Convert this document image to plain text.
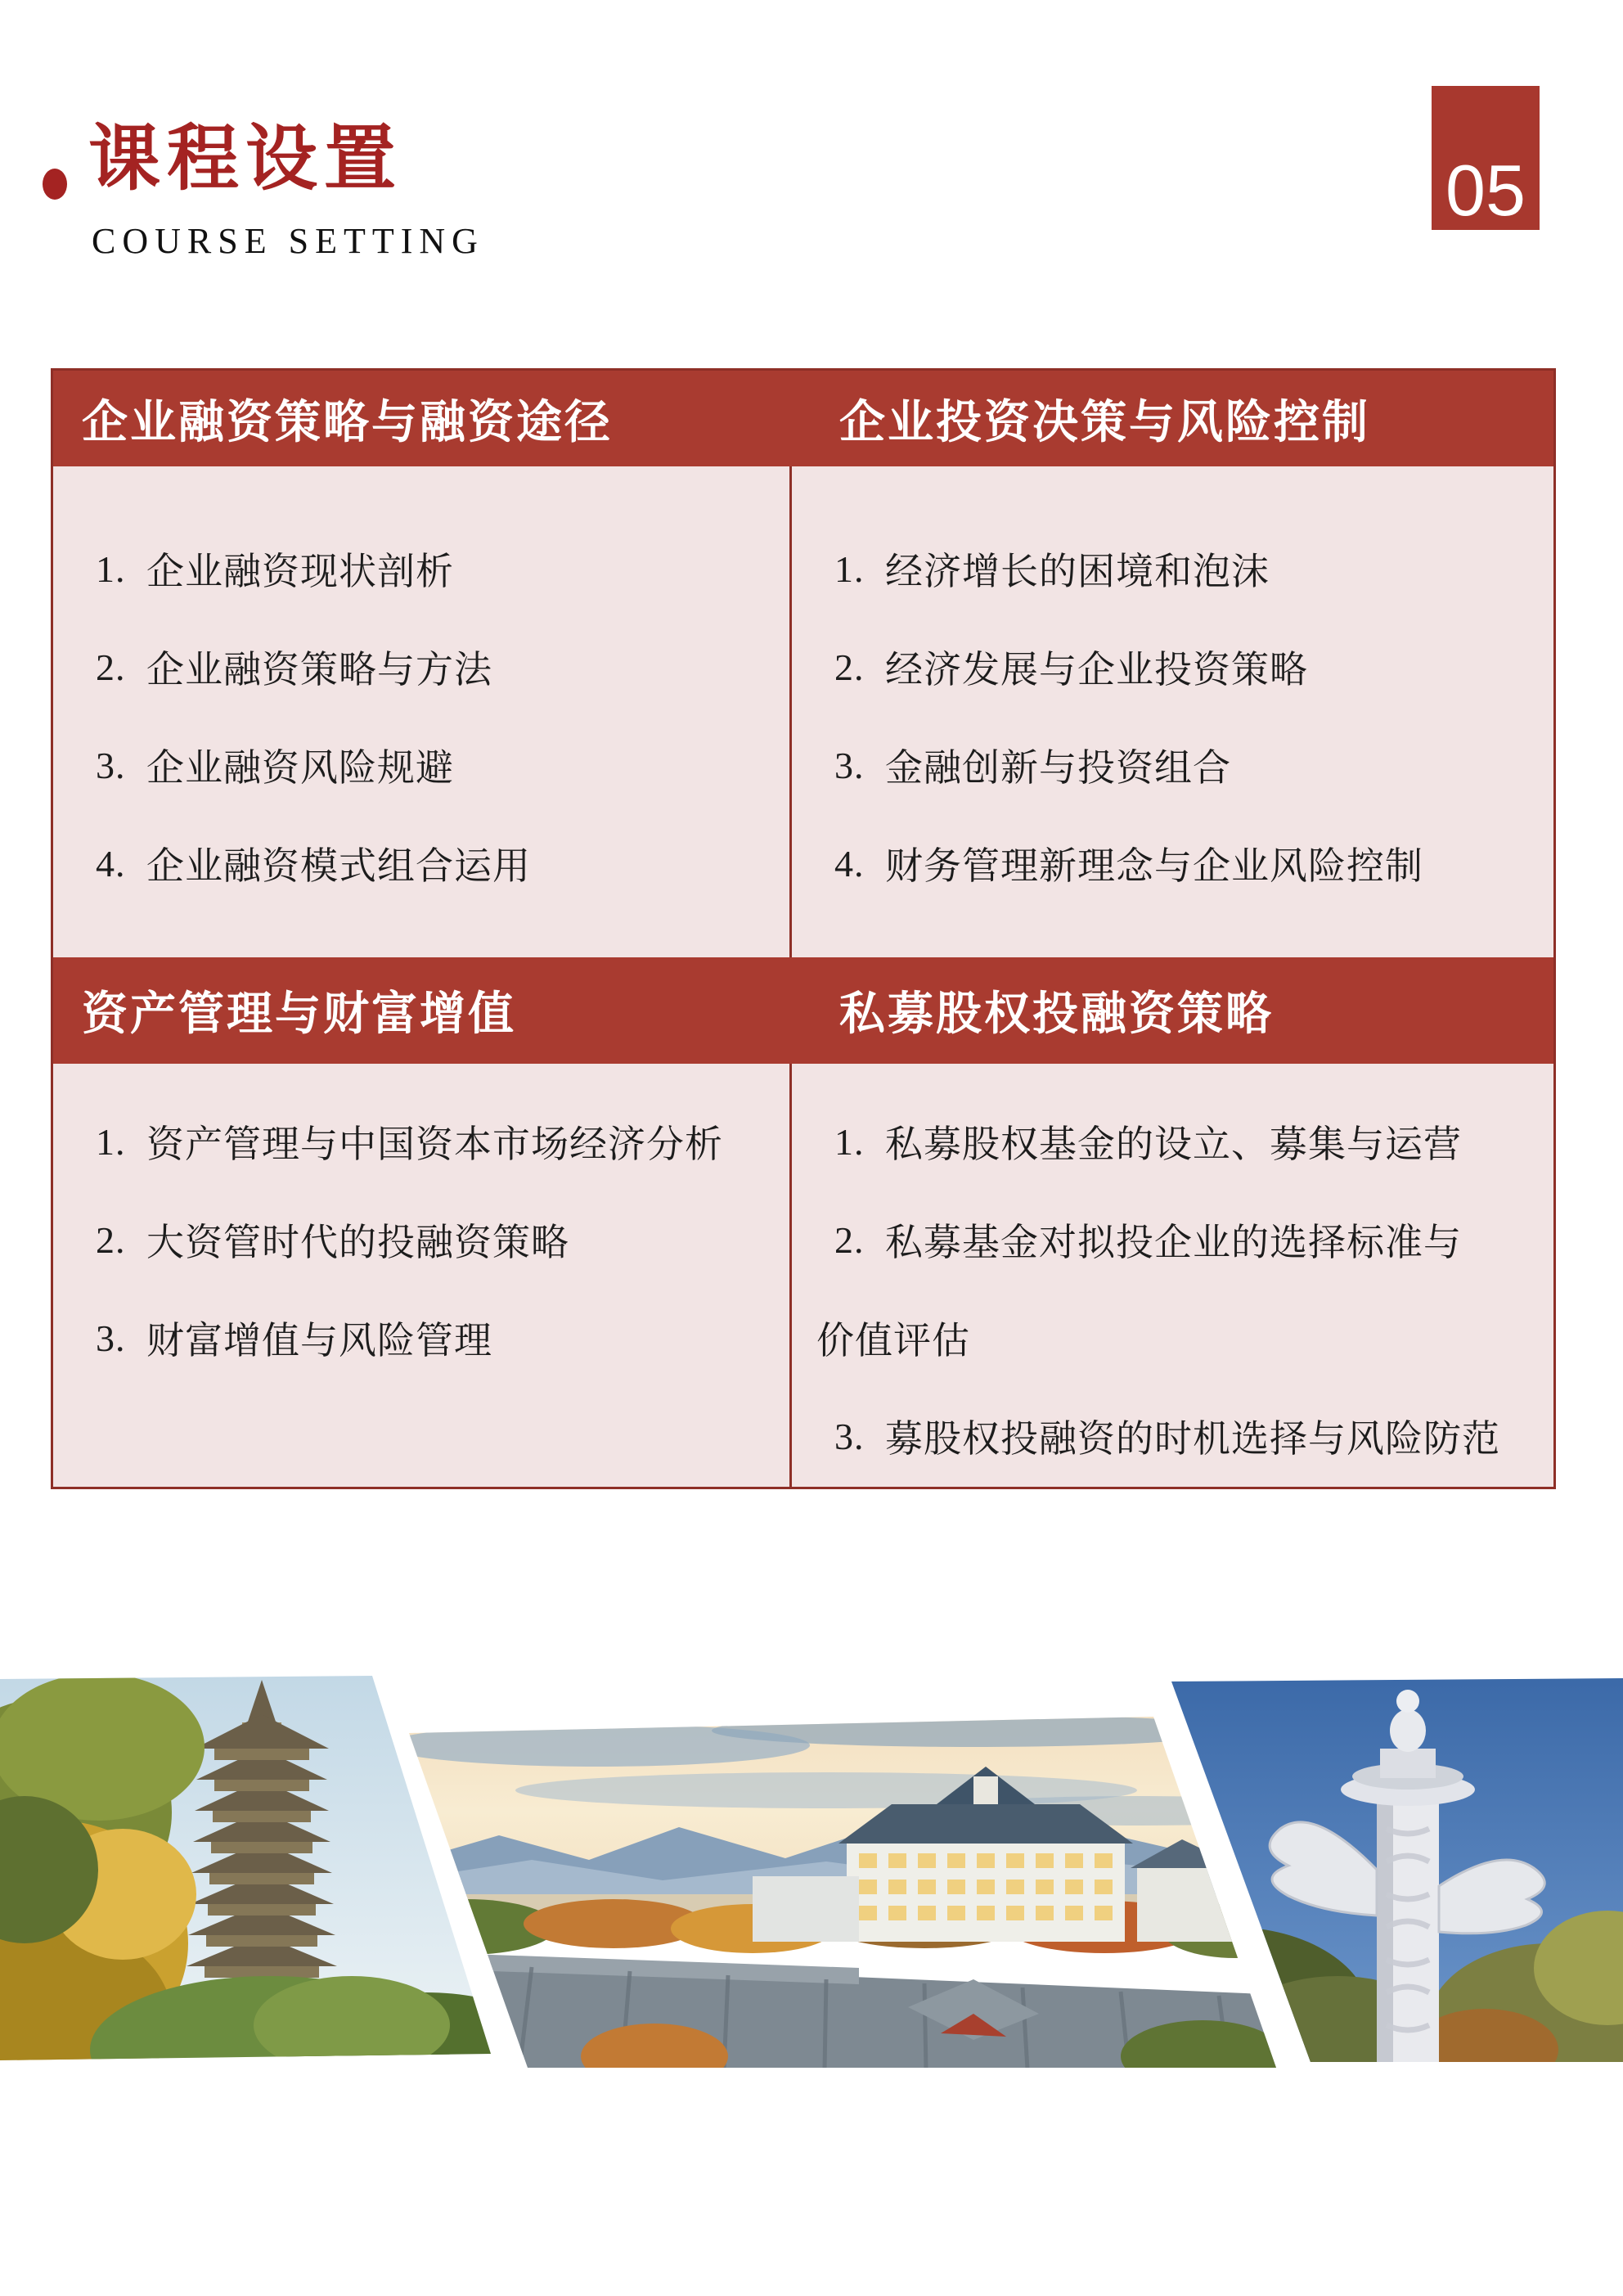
课程设置
COURSE SETTING
05
企业融资策略与融资途径	企业投资决策与风险控制
1. 企业融资现状剖析
2. 企业融资策略与方法
3. 企业融资风险规避
4. 企业融资模式组合运用
1. 经济增长的困境和泡沫
2. 经济发展与企业投资策略
3. 金融创新与投资组合
4. 财务管理新理念与企业风险控制
资产管理与财富增值	私募股权投融资策略
1. 资产管理与中国资本市场经济分析
2. 大资管时代的投融资策略
3. 财富增值与风险管理
1. 私募股权基金的设立、募集与运营
2. 私募基金对拟投企业的选择标准与
价值评估
3. 募股权投融资的时机选择与风险防范
